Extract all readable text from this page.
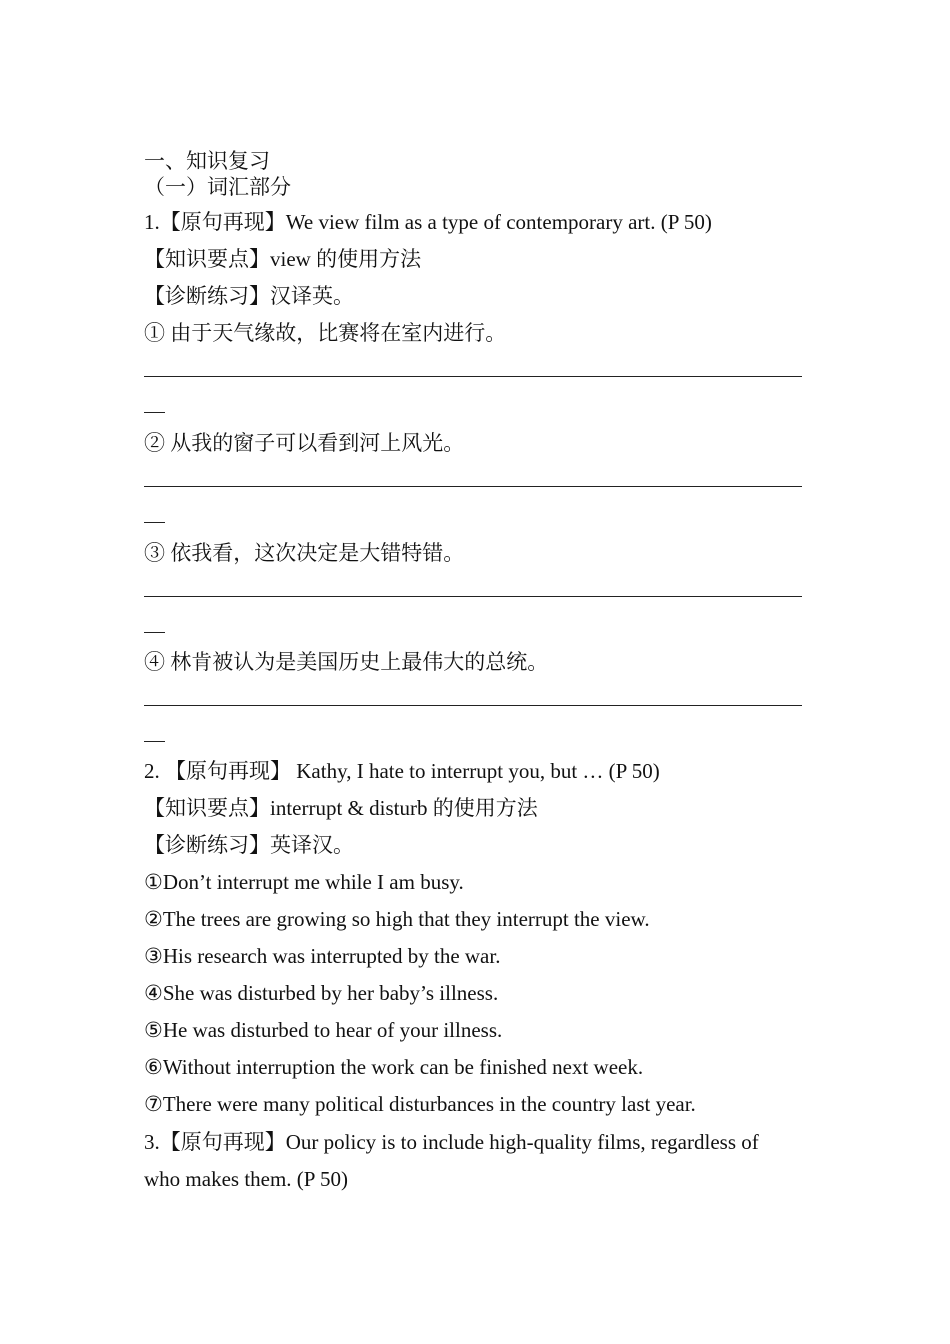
一、知识复习
（一）词汇部分
1.【原句再现】We view film as a type of contemporary art. (P 50)
【知识要点】view 的使用方法
【诊断练习】汉译英。
① 由于天气缘故，比赛将在室内进行。
② 从我的窗子可以看到河上风光。
③ 依我看，这次决定是大错特错。
④ 林肯被认为是美国历史上最伟大的总统。
2. 【原句再现】 Kathy, I hate to interrupt you, but … (P 50)
【知识要点】interrupt & disturb 的使用方法
【诊断练习】英译汉。
①Don’t interrupt me while I am busy.
②The trees are growing so high that they interrupt the view.
③His research was interrupted by the war.
④She was disturbed by her baby’s illness.
⑤He was disturbed to hear of your illness.
⑥Without interruption the work can be finished next week.
⑦There were many political disturbances in the country last year.
3.【原句再现】Our policy is to include high-quality films, regardless of
who makes them. (P 50)
